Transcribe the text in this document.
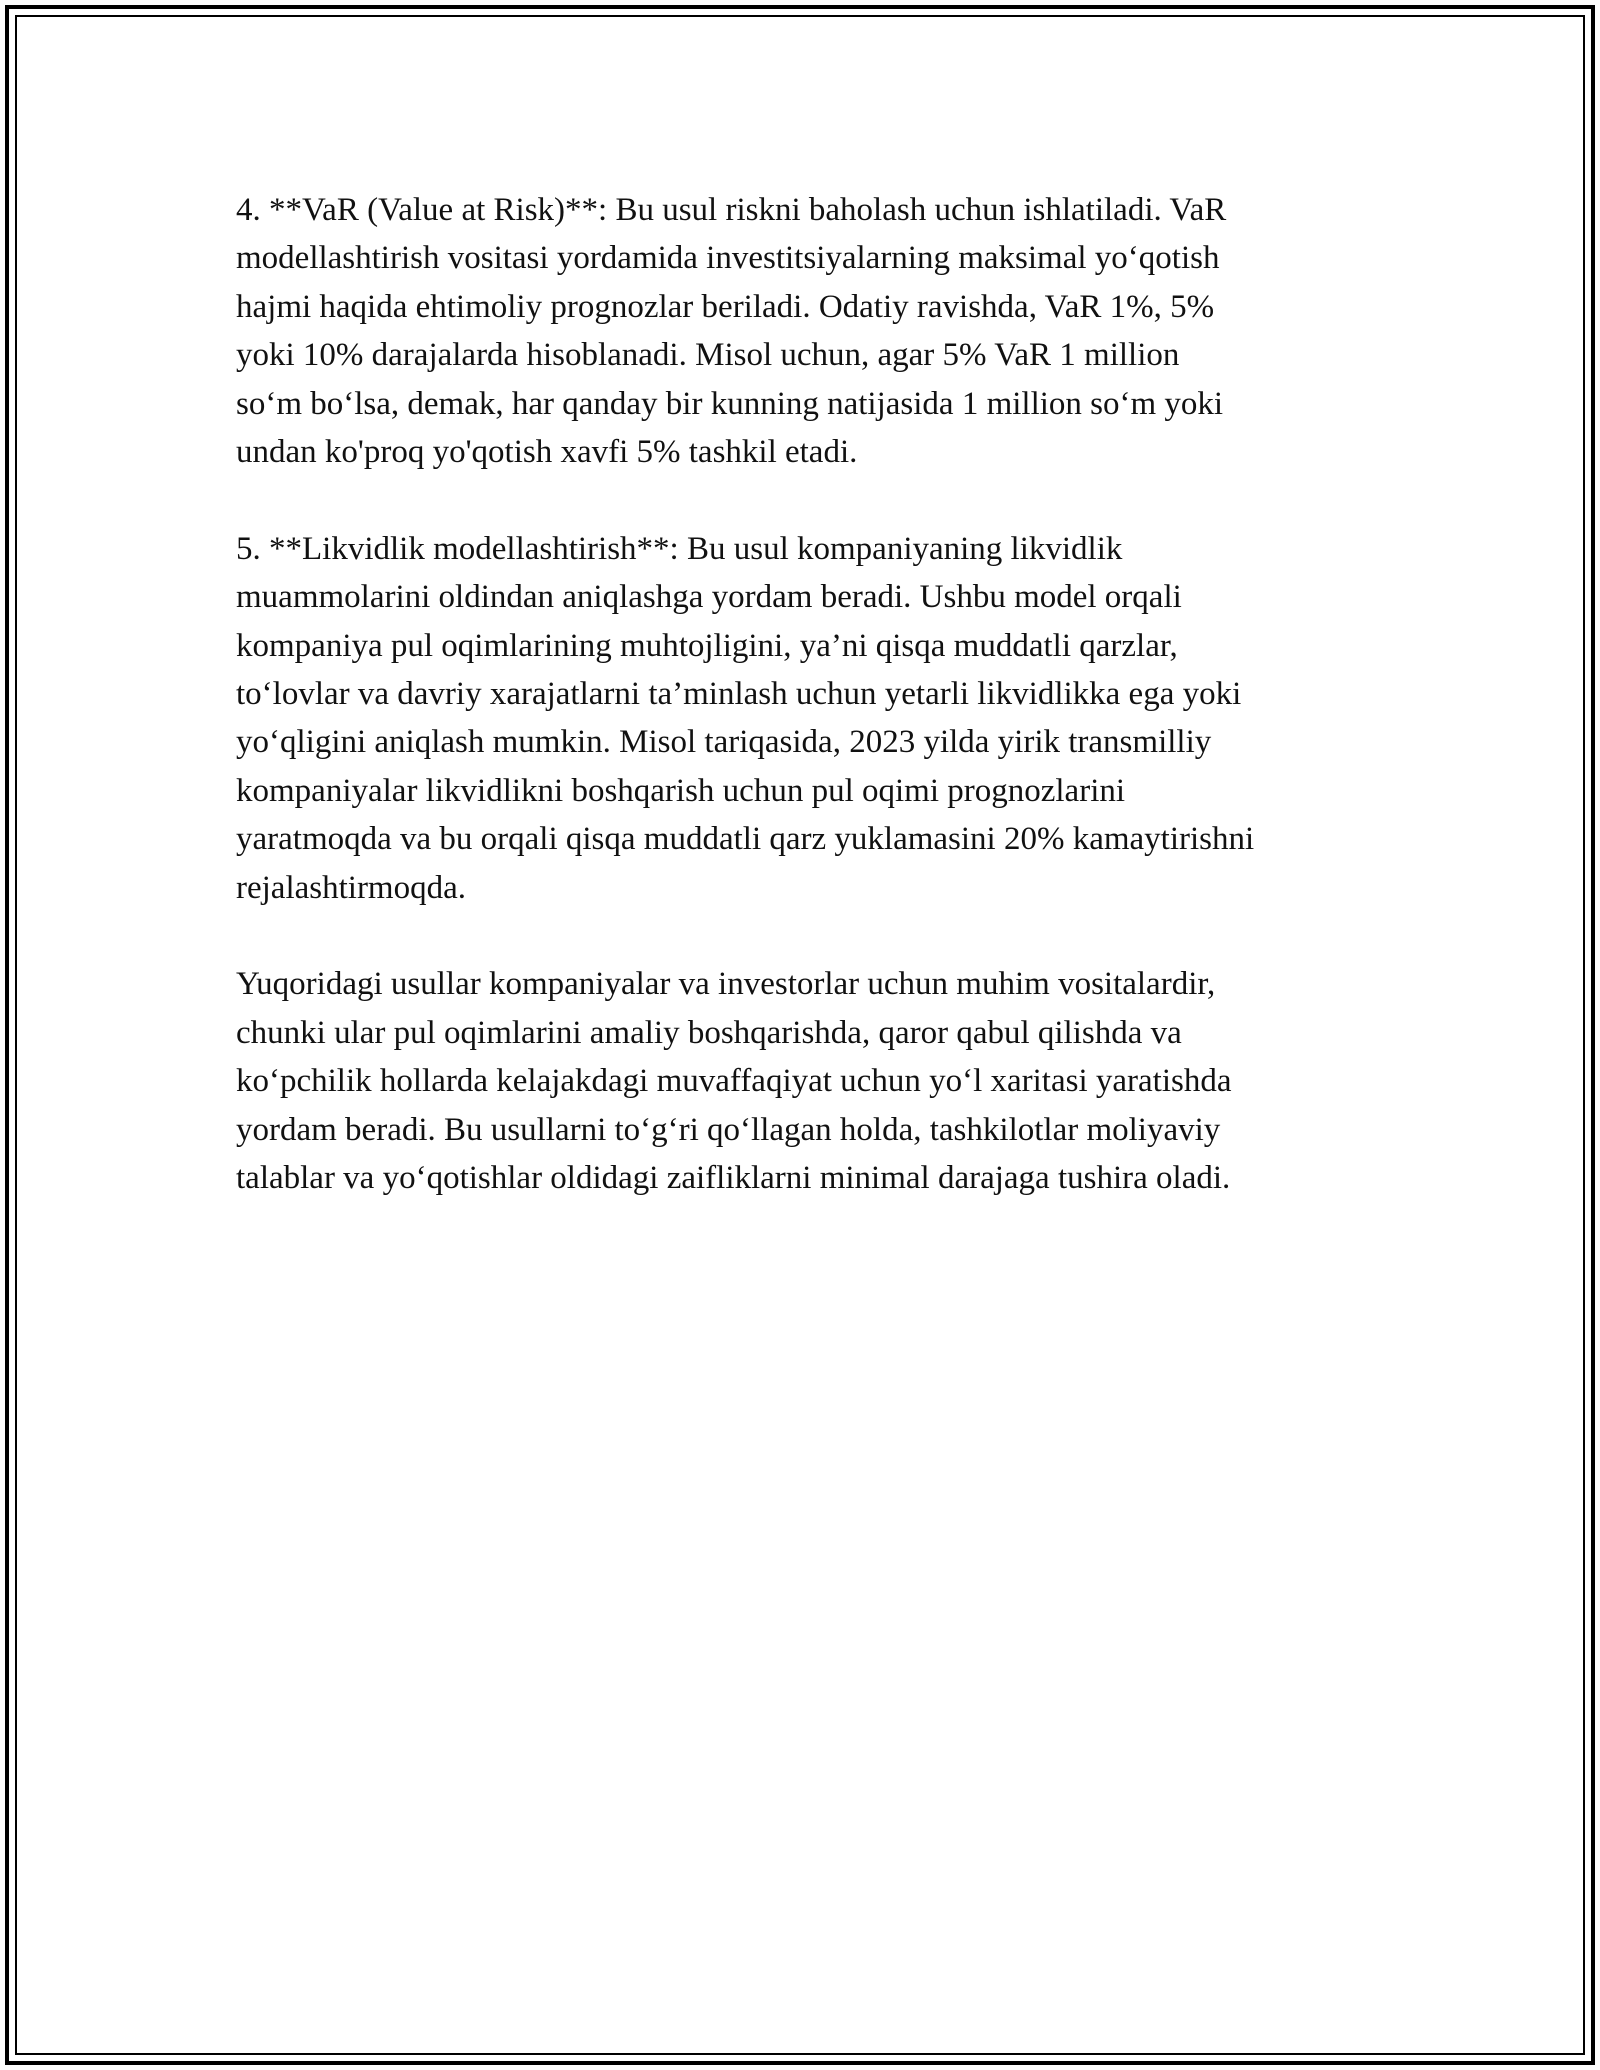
4. **VaR (Value at Risk)**: Bu usul riskni baholash uchun ishlatiladi. VaR
modellashtirish vositasi yordamida investitsiyalarning maksimal yo‘qotish
hajmi haqida ehtimoliy prognozlar beriladi. Odatiy ravishda, VaR 1%, 5%
yoki 10% darajalarda hisoblanadi. Misol uchun, agar 5% VaR 1 million
so‘m bo‘lsa, demak, har qanday bir kunning natijasida 1 million so‘m yoki
undan ko'proq yo'qotish xavfi 5% tashkil etadi.

5. **Likvidlik modellashtirish**: Bu usul kompaniyaning likvidlik
muammolarini oldindan aniqlashga yordam beradi. Ushbu model orqali
kompaniya pul oqimlarining muhtojligini, ya’ni qisqa muddatli qarzlar,
to‘lovlar va davriy xarajatlarni ta’minlash uchun yetarli likvidlikka ega yoki
yo‘qligini aniqlash mumkin. Misol tariqasida, 2023 yilda yirik transmilliy
kompaniyalar likvidlikni boshqarish uchun pul oqimi prognozlarini
yaratmoqda va bu orqali qisqa muddatli qarz yuklamasini 20% kamaytirishni
rejalashtirmoqda.

Yuqoridagi usullar kompaniyalar va investorlar uchun muhim vositalardir,
chunki ular pul oqimlarini amaliy boshqarishda, qaror qabul qilishda va
ko‘pchilik hollarda kelajakdagi muvaffaqiyat uchun yo‘l xaritasi yaratishda
yordam beradi. Bu usullarni to‘g‘ri qo‘llagan holda, tashkilotlar moliyaviy
talablar va yo‘qotishlar oldidagi zaifliklarni minimal darajaga tushira oladi.
